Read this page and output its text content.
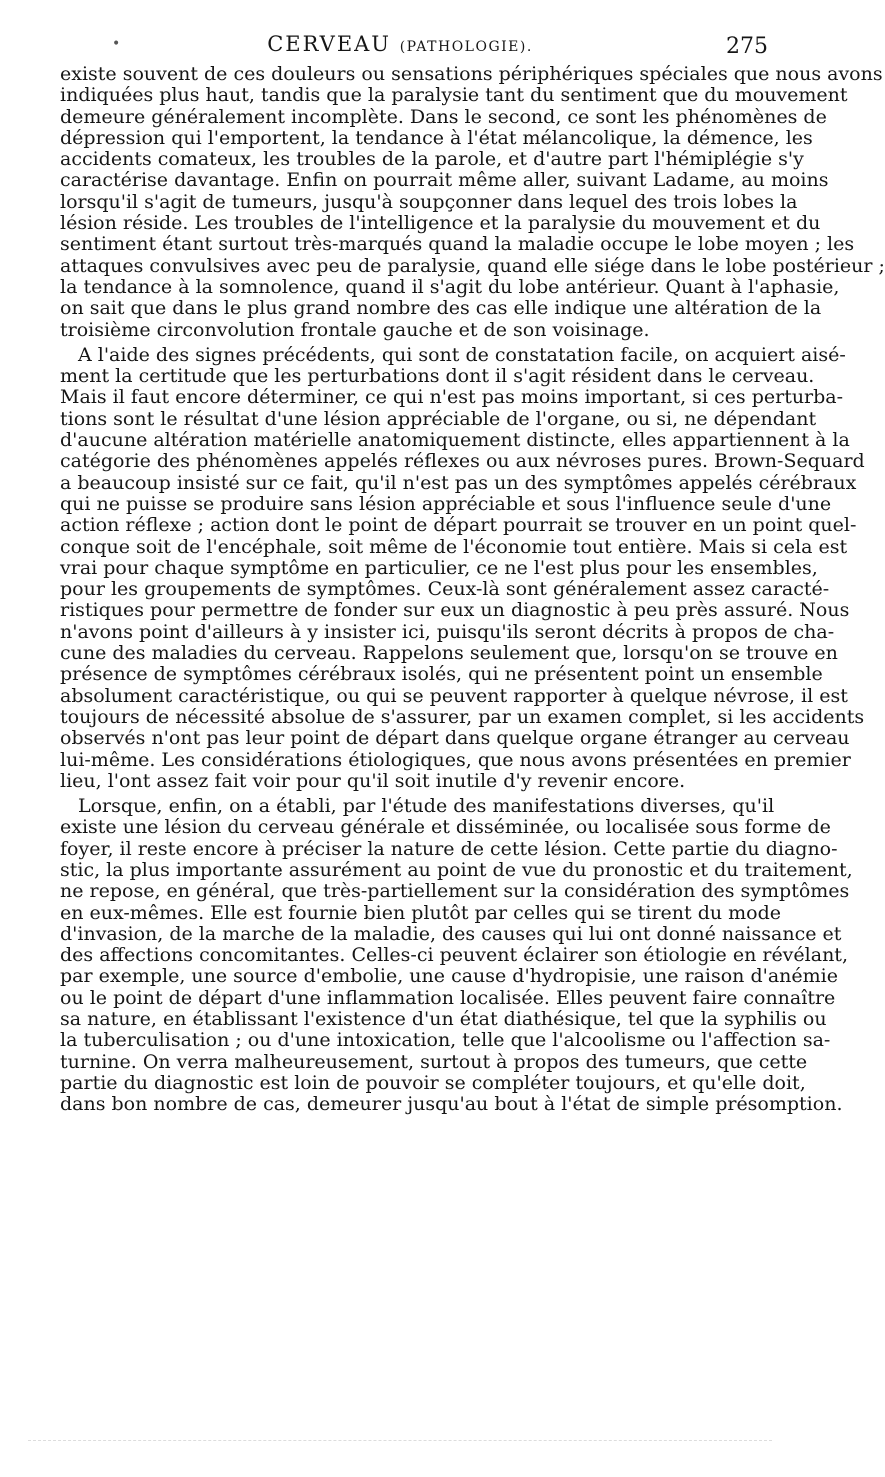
•	CERVEAU (PATHOLOGIE).	275
existe souvent de ces douleurs ou sensations périphériques spéciales que nous avons
indiquées plus haut, tandis que la paralysie tant du sentiment que du mouvement
demeure généralement incomplète. Dans le second, ce sont les phénomènes de
dépression qui l'emportent, la tendance à l'état mélancolique, la démence, les
accidents comateux, les troubles de la parole, et d'autre part l'hémiplégie s'y
caractérise davantage. Enfin on pourrait même aller, suivant Ladame, au moins
lorsqu'il s'agit de tumeurs, jusqu'à soupçonner dans lequel des trois lobes la
lésion réside. Les troubles de l'intelligence et la paralysie du mouvement et du
sentiment étant surtout très-marqués quand la maladie occupe le lobe moyen ; les
attaques convulsives avec peu de paralysie, quand elle siége dans le lobe postérieur ;
la tendance à la somnolence, quand il s'agit du lobe antérieur. Quant à l'aphasie,
on sait que dans le plus grand nombre des cas elle indique une altération de la
troisième circonvolution frontale gauche et de son voisinage.
A l'aide des signes précédents, qui sont de constatation facile, on acquiert aisé-
ment la certitude que les perturbations dont il s'agit résident dans le cerveau.
Mais il faut encore déterminer, ce qui n'est pas moins important, si ces perturba-
tions sont le résultat d'une lésion appréciable de l'organe, ou si, ne dépendant
d'aucune altération matérielle anatomiquement distincte, elles appartiennent à la
catégorie des phénomènes appelés réflexes ou aux névroses pures. Brown-Sequard
a beaucoup insisté sur ce fait, qu'il n'est pas un des symptômes appelés cérébraux
qui ne puisse se produire sans lésion appréciable et sous l'influence seule d'une
action réflexe ; action dont le point de départ pourrait se trouver en un point quel-
conque soit de l'encéphale, soit même de l'économie tout entière. Mais si cela est
vrai pour chaque symptôme en particulier, ce ne l'est plus pour les ensembles,
pour les groupements de symptômes. Ceux-là sont généralement assez caracté-
ristiques pour permettre de fonder sur eux un diagnostic à peu près assuré. Nous
n'avons point d'ailleurs à y insister ici, puisqu'ils seront décrits à propos de cha-
cune des maladies du cerveau. Rappelons seulement que, lorsqu'on se trouve en
présence de symptômes cérébraux isolés, qui ne présentent point un ensemble
absolument caractéristique, ou qui se peuvent rapporter à quelque névrose, il est
toujours de nécessité absolue de s'assurer, par un examen complet, si les accidents
observés n'ont pas leur point de départ dans quelque organe étranger au cerveau
lui-même. Les considérations étiologiques, que nous avons présentées en premier
lieu, l'ont assez fait voir pour qu'il soit inutile d'y revenir encore.
Lorsque, enfin, on a établi, par l'étude des manifestations diverses, qu'il
existe une lésion du cerveau générale et disséminée, ou localisée sous forme de
foyer, il reste encore à préciser la nature de cette lésion. Cette partie du diagno-
stic, la plus importante assurément au point de vue du pronostic et du traitement,
ne repose, en général, que très-partiellement sur la considération des symptômes
en eux-mêmes. Elle est fournie bien plutôt par celles qui se tirent du mode
d'invasion, de la marche de la maladie, des causes qui lui ont donné naissance et
des affections concomitantes. Celles-ci peuvent éclairer son étiologie en révélant,
par exemple, une source d'embolie, une cause d'hydropisie, une raison d'anémie
ou le point de départ d'une inflammation localisée. Elles peuvent faire connaître
sa nature, en établissant l'existence d'un état diathésique, tel que la syphilis ou
la tuberculisation ; ou d'une intoxication, telle que l'alcoolisme ou l'affection sa-
turnine. On verra malheureusement, surtout à propos des tumeurs, que cette
partie du diagnostic est loin de pouvoir se compléter toujours, et qu'elle doit,
dans bon nombre de cas, demeurer jusqu'au bout à l'état de simple présomption.
